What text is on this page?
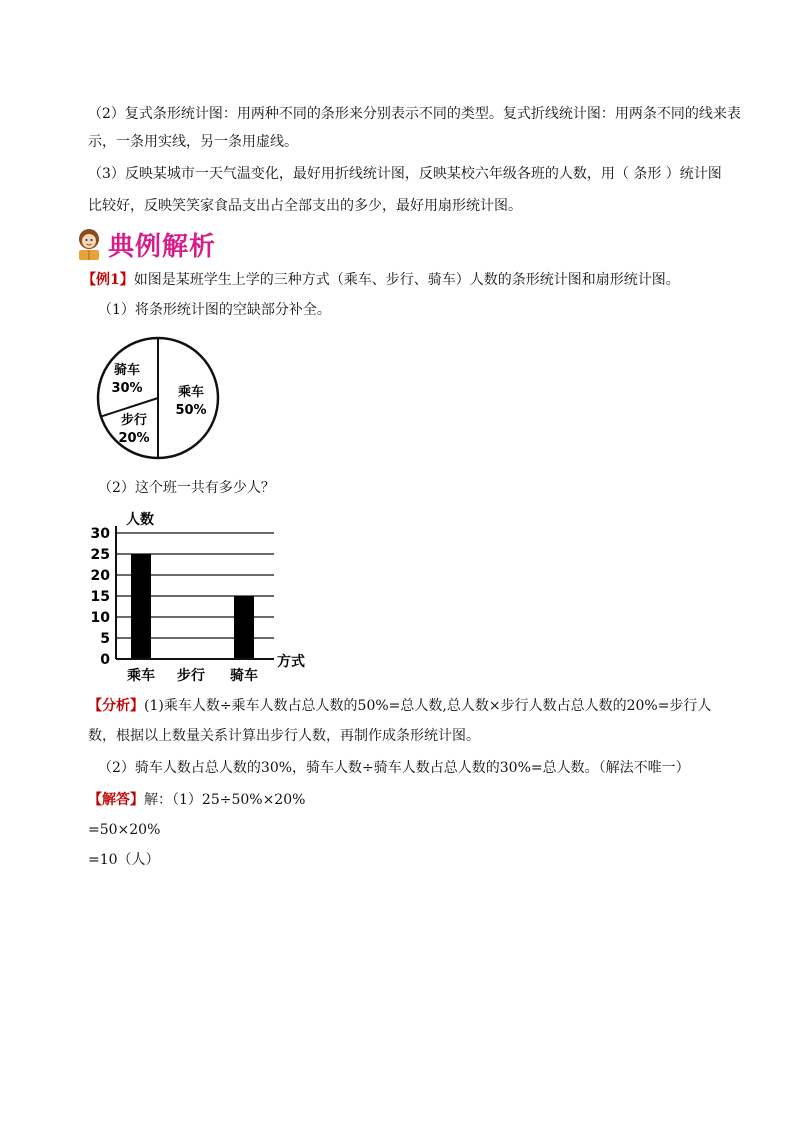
（2）复式条形统计图：用两种不同的条形来分别表示不同的类型。复式折线统计图：用两条不同的线来表
示，一条用实线，另一条用虚线。
（3）反映某城市一天气温变化，最好用折线统计图，反映某校六年级各班的人数，用（ 条形 ）统计图
比较好，反映笑笑家食品支出占全部支出的多少，最好用扇形统计图。
典例解析
【例1】如图是某班学生上学的三种方式（乘车、步行、骑车）人数的条形统计图和扇形统计图。
（1）将条形统计图的空缺部分补全。
乘车
50%
骑车
30%
步行
20%
（2）这个班一共有多少人？
0
5
10
15
20
25
30
乘车 步行 骑车
人数
方式
【分析】(1)乘车人数÷乘车人数占总人数的50%=总人数,总人数×步行人数占总人数的20%=步行人
数，根据以上数量关系计算出步行人数，再制作成条形统计图。
（2）骑车人数占总人数的30%，骑车人数÷骑车人数占总人数的30%=总人数。（解法不唯一）
【解答】解：（1）25÷50%×20%
=50×20%
=10（人）
